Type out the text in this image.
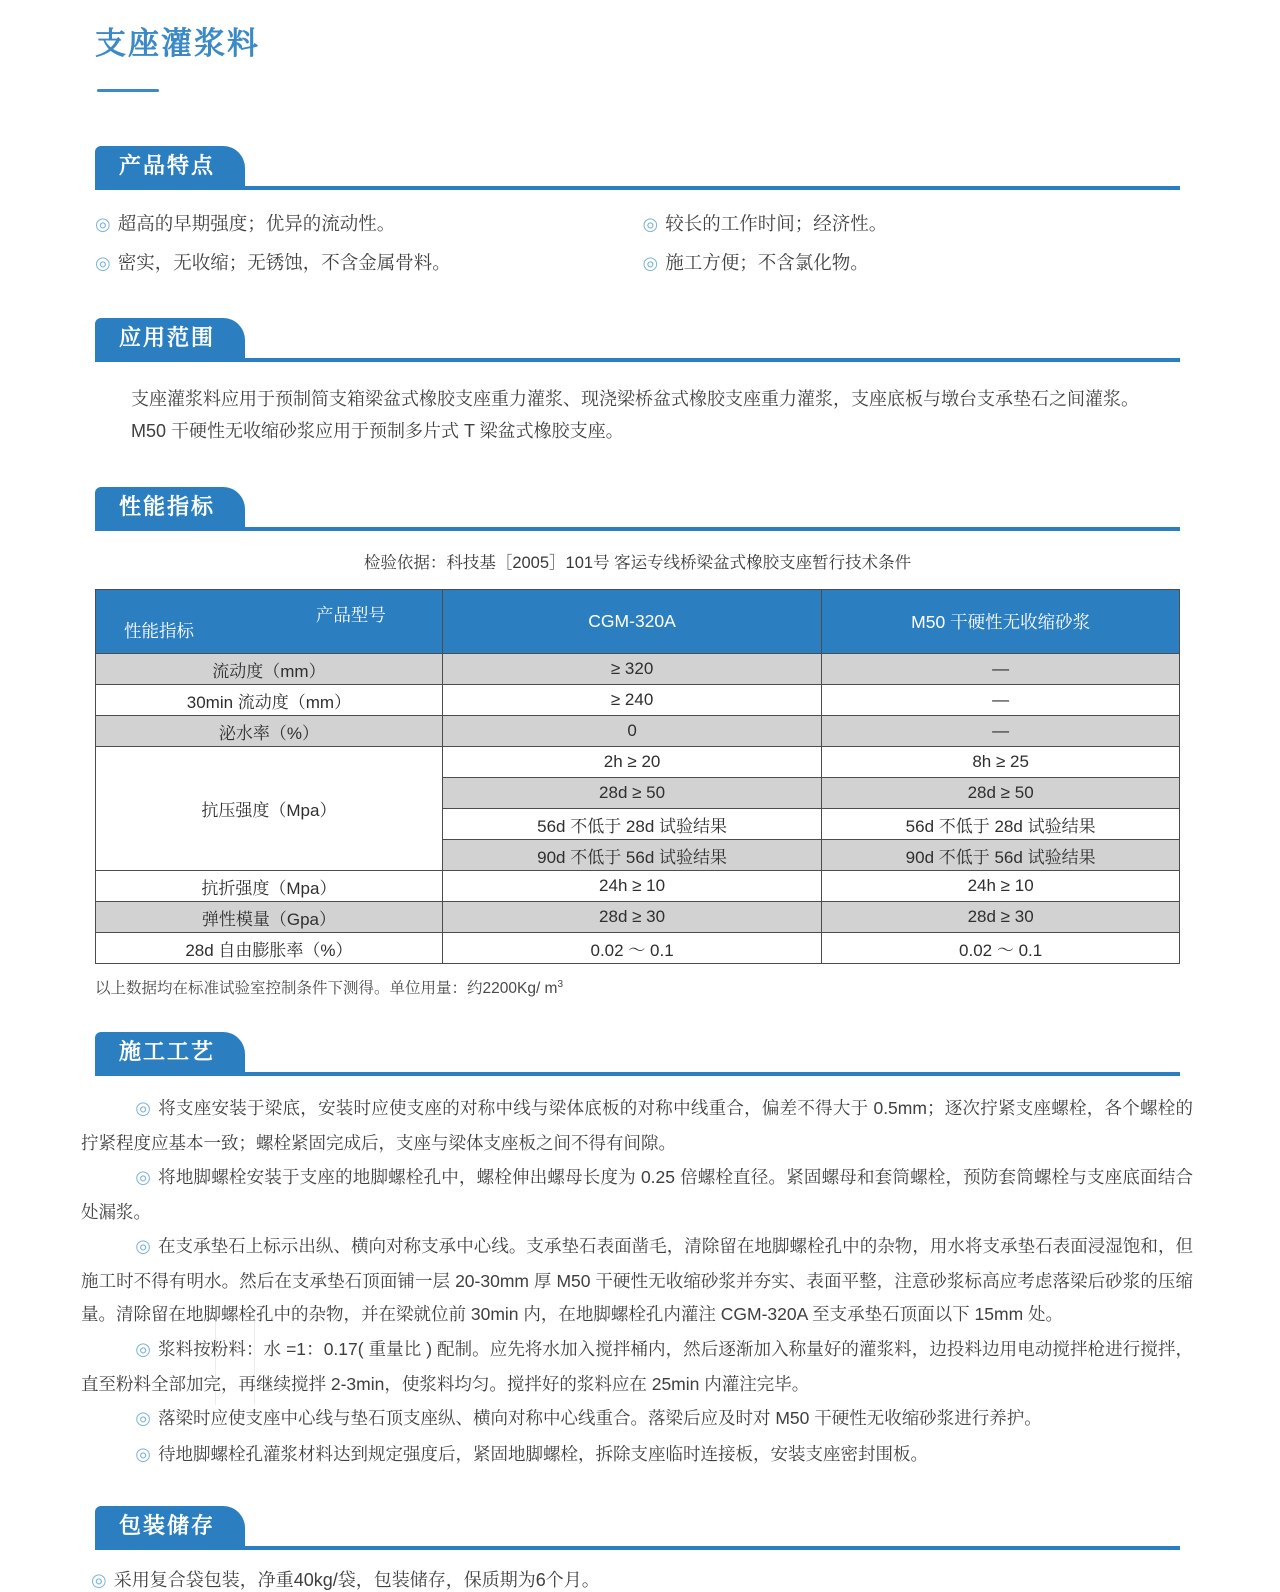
支座灌浆料
产品特点
◎ 超高的早期强度；优异的流动性。	◎ 较长的工作时间；经济性。
◎ 密实，无收缩；无锈蚀，不含金属骨料。	◎ 施工方便；不含氯化物。
应用范围
支座灌浆料应用于预制简支箱梁盆式橡胶支座重力灌浆、现浇梁桥盆式橡胶支座重力灌浆，支座底板与墩台支承垫石之间灌浆。
M50 干硬性无收缩砂浆应用于预制多片式 T 梁盆式橡胶支座。
性能指标
检验依据：科技基［2005］101号 客运专线桥梁盆式橡胶支座暂行技术条件
产品型号
性能指标	CGM-320A	M50 干硬性无收缩砂浆
流动度（mm）	≥ 320	—
30min 流动度（mm）	≥ 240	—
泌水率（%）	0	—
抗压强度（Mpa）	2h ≥ 20	8h ≥ 25
	28d ≥ 50	28d ≥ 50
	56d 不低于 28d 试验结果	56d 不低于 28d 试验结果
	90d 不低于 56d 试验结果	90d 不低于 56d 试验结果
抗折强度（Mpa）	24h ≥ 10	24h ≥ 10
弹性模量（Gpa）	28d ≥ 30	28d ≥ 30
28d 自由膨胀率（%）	0.02 ～ 0.1	0.02 ～ 0.1
以上数据均在标准试验室控制条件下测得。单位用量：约2200Kg/ $m^3$
施工工艺

◎ 将支座安装于梁底，安装时应使支座的对称中线与梁体底板的对称中线重合，偏差不得大于 0.5mm；逐次拧紧支座螺栓，各个螺栓的拧紧程度应基本一致；螺栓紧固完成后，支座与梁体支座板之间不得有间隙。

◎ 将地脚螺栓安装于支座的地脚螺栓孔中，螺栓伸出螺母长度为 0.25 倍螺栓直径。紧固螺母和套筒螺栓，预防套筒螺栓与支座底面结合处漏浆。

◎ 在支承垫石上标示出纵、横向对称支承中心线。支承垫石表面凿毛，清除留在地脚螺栓孔中的杂物，用水将支承垫石表面浸湿饱和，但施工时不得有明水。然后在支承垫石顶面铺一层 20-30mm 厚 M50 干硬性无收缩砂浆并夯实、表面平整，注意砂浆标高应考虑落梁后砂浆的压缩量。清除留在地脚螺栓孔中的杂物，并在梁就位前 30min 内，在地脚螺栓孔内灌注 CGM-320A 至支承垫石顶面以下 15mm 处。

◎ 浆料按粉料：水 =1：0.17( 重量比 ) 配制。应先将水加入搅拌桶内，然后逐渐加入称量好的灌浆料，边投料边用电动搅拌枪进行搅拌，直至粉料全部加完，再继续搅拌 2-3min，使浆料均匀。搅拌好的浆料应在 25min 内灌注完毕。

◎ 落梁时应使支座中心线与垫石顶支座纵、横向对称中心线重合。落梁后应及时对 M50 干硬性无收缩砂浆进行养护。

◎ 待地脚螺栓孔灌浆材料达到规定强度后，紧固地脚螺栓，拆除支座临时连接板，安装支座密封围板。

包装储存
◎ 采用复合袋包装，净重40kg/袋，包装储存，保质期为6个月。
